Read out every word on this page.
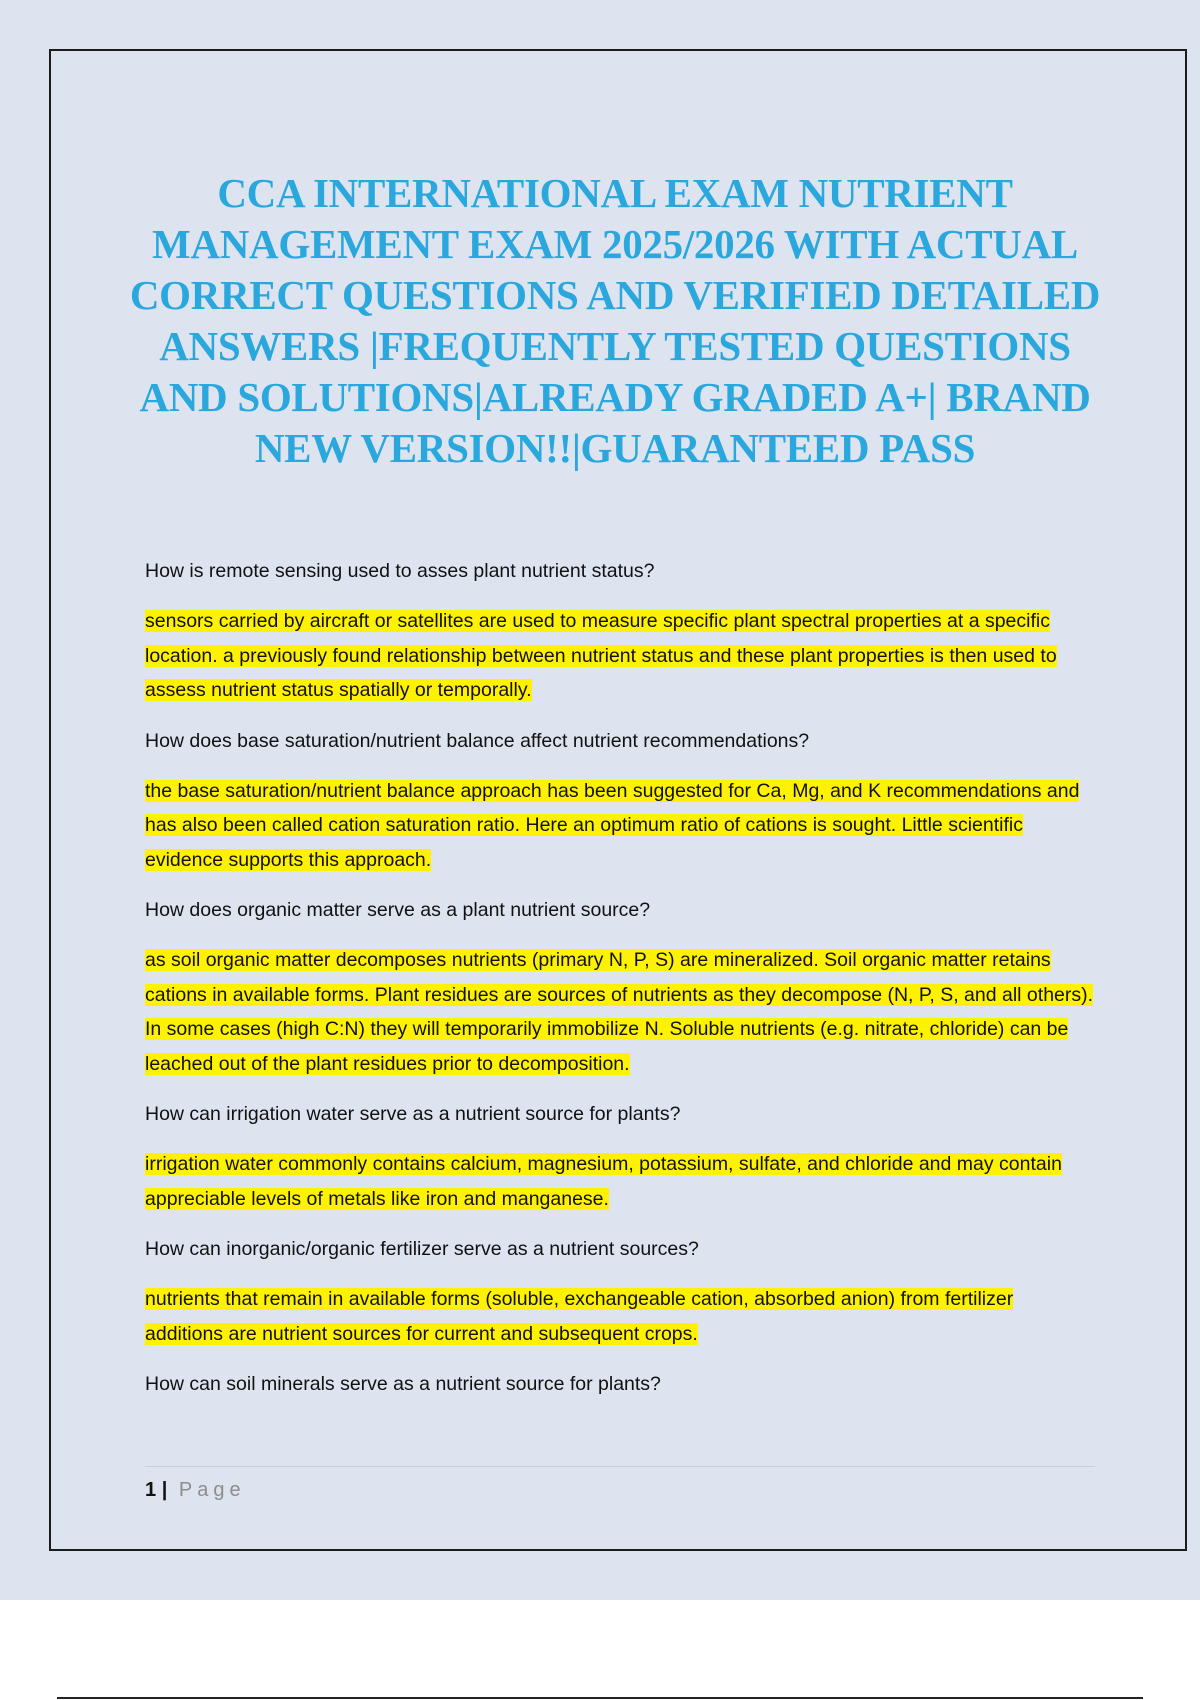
CCA INTERNATIONAL EXAM NUTRIENT MANAGEMENT EXAM 2025/2026 WITH ACTUAL CORRECT QUESTIONS AND VERIFIED DETAILED ANSWERS |FREQUENTLY TESTED QUESTIONS AND SOLUTIONS|ALREADY GRADED A+| BRAND NEW VERSION!!|GUARANTEED PASS

How is remote sensing used to asses plant nutrient status?

sensors carried by aircraft or satellites are used to measure specific plant spectral properties at a specific location. a previously found relationship between nutrient status and these plant properties is then used to assess nutrient status spatially or temporally.

How does base saturation/nutrient balance affect nutrient recommendations?

the base saturation/nutrient balance approach has been suggested for Ca, Mg, and K recommendations and has also been called cation saturation ratio. Here an optimum ratio of cations is sought. Little scientific evidence supports this approach.

How does organic matter serve as a plant nutrient source?

as soil organic matter decomposes nutrients (primary N, P, S) are mineralized. Soil organic matter retains cations in available forms. Plant residues are sources of nutrients as they decompose (N, P, S, and all others). In some cases (high C:N) they will temporarily immobilize N. Soluble nutrients (e.g. nitrate, chloride) can be leached out of the plant residues prior to decomposition.

How can irrigation water serve as a nutrient source for plants?

irrigation water commonly contains calcium, magnesium, potassium, sulfate, and chloride and may contain appreciable levels of metals like iron and manganese.

How can inorganic/organic fertilizer serve as a nutrient sources?

nutrients that remain in available forms (soluble, exchangeable cation, absorbed anion) from fertilizer additions are nutrient sources for current and subsequent crops.

How can soil minerals serve as a nutrient source for plants?

1 | Page
